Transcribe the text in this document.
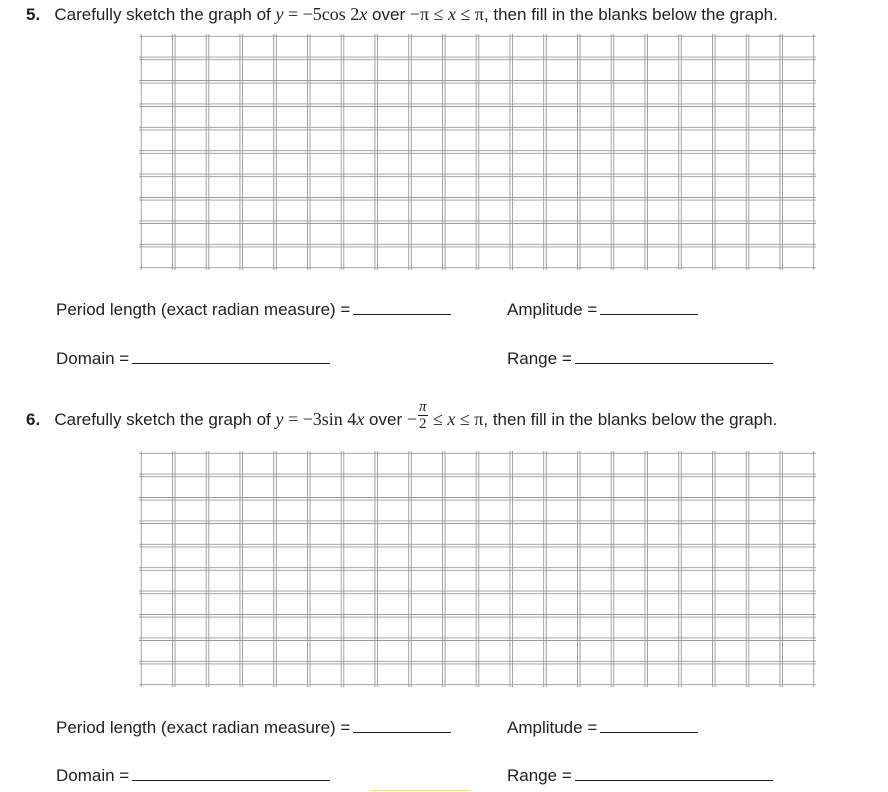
5. Carefully sketch the graph of y = −5cos 2x over −π ≤ x ≤ π, then fill in the blanks below the graph.
Period length (exact radian measure) =	Amplitude =
Domain =	Range =
6. Carefully sketch the graph of y = −3sin 4x over − $\frac{\pi}{2} \le x \le \pi$, then fill in the blanks below the graph.
Period length (exact radian measure) =	Amplitude =
Domain =	Range =
